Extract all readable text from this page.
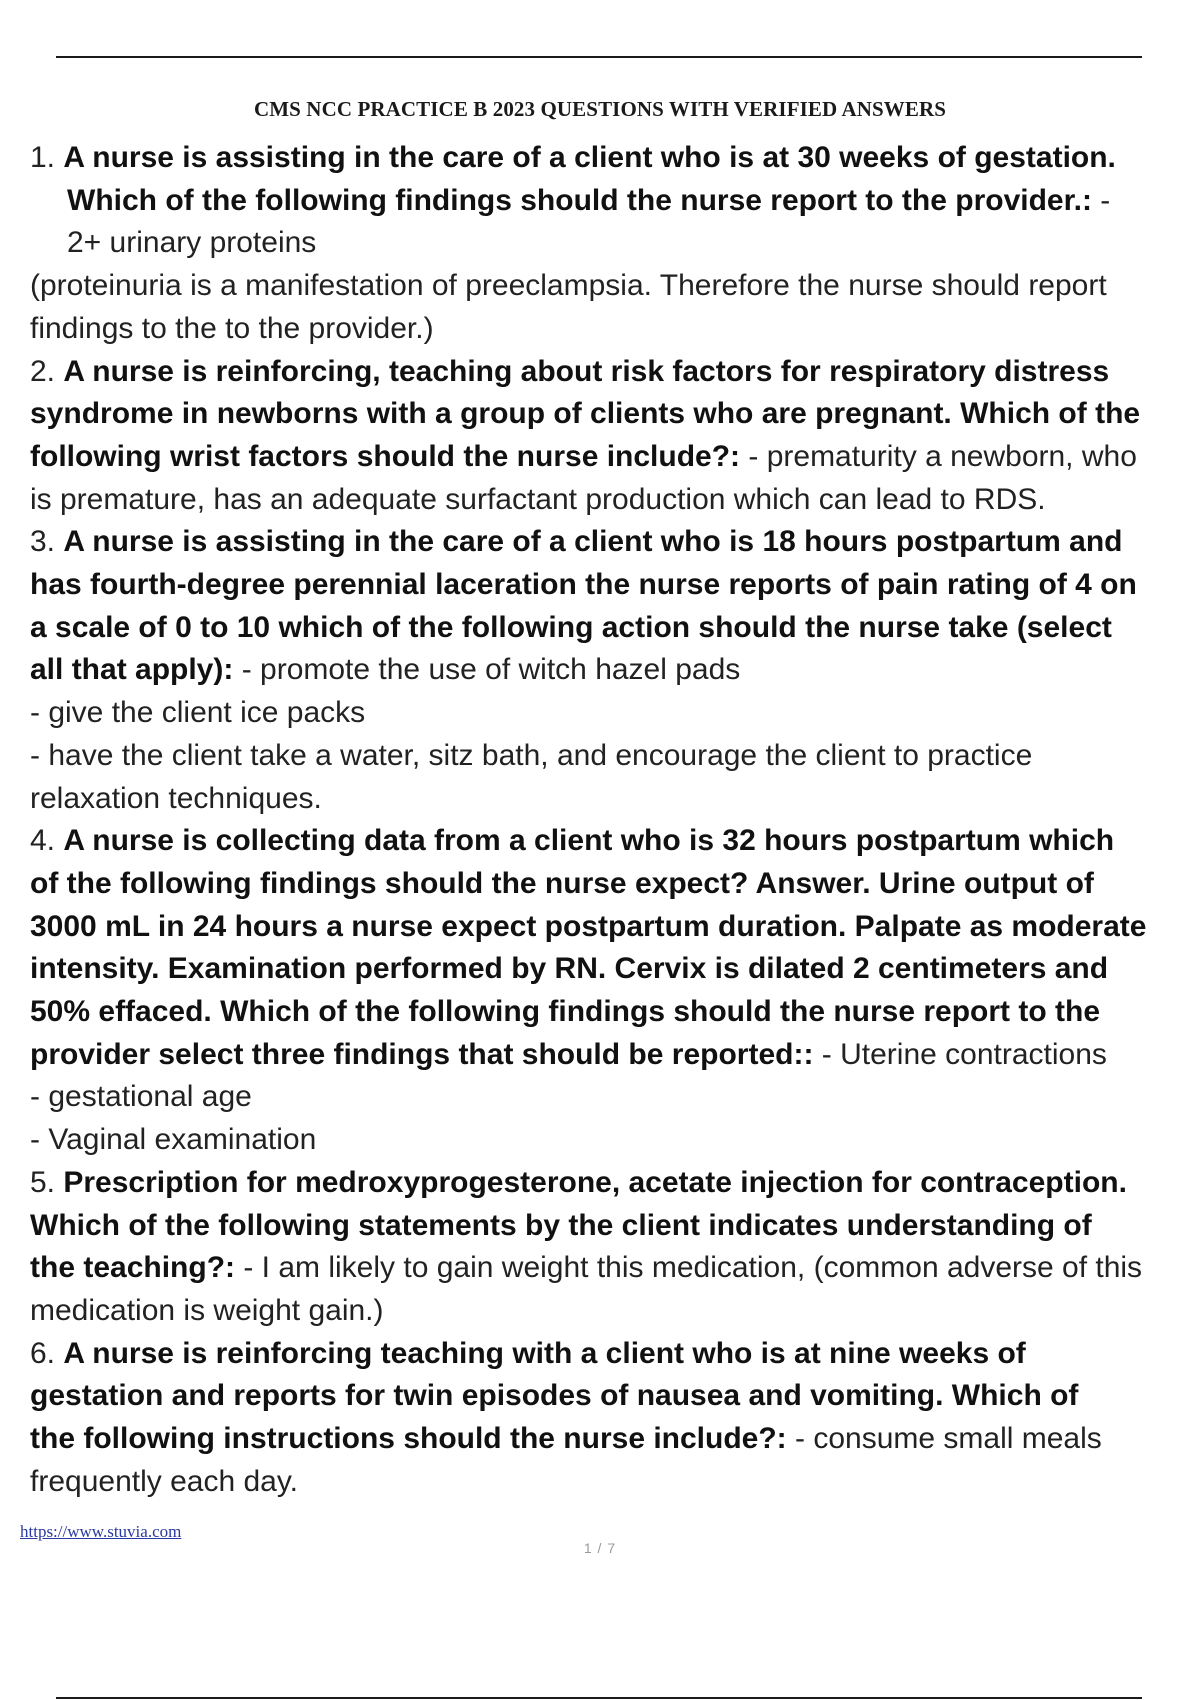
CMS NCC PRACTICE B 2023 QUESTIONS WITH VERIFIED ANSWERS

1. A nurse is assisting in the care of a client who is at 30 weeks of gestation.

Which of the following findings should the nurse report to the provider.: -

2+ urinary proteins

(proteinuria is a manifestation of preeclampsia. Therefore the nurse should report

findings to the to the provider.)

2. A nurse is reinforcing, teaching about risk factors for respiratory distress

syndrome in newborns with a group of clients who are pregnant. Which of the

following wrist factors should the nurse include?: - prematurity a newborn, who

is premature, has an adequate surfactant production which can lead to RDS.

3. A nurse is assisting in the care of a client who is 18 hours postpartum and

has fourth-degree perennial laceration the nurse reports of pain rating of 4 on

a scale of 0 to 10 which of the following action should the nurse take (select

all that apply): - promote the use of witch hazel pads

- give the client ice packs

- have the client take a water, sitz bath, and encourage the client to practice

relaxation techniques.

4. A nurse is collecting data from a client who is 32 hours postpartum which

of the following findings should the nurse expect? Answer. Urine output of

3000 mL in 24 hours a nurse expect postpartum duration. Palpate as moderate

intensity. Examination performed by RN. Cervix is dilated 2 centimeters and

50% effaced. Which of the following findings should the nurse report to the

provider select three findings that should be reported:: - Uterine contractions

- gestational age

- Vaginal examination

5. Prescription for medroxyprogesterone, acetate injection for contraception.

Which of the following statements by the client indicates understanding of

the teaching?: - I am likely to gain weight this medication, (common adverse of this

medication is weight gain.)

6. A nurse is reinforcing teaching with a client who is at nine weeks of

gestation and reports for twin episodes of nausea and vomiting. Which of

the following instructions should the nurse include?: - consume small meals

frequently each day.

https://www.stuvia.com
1 / 7
